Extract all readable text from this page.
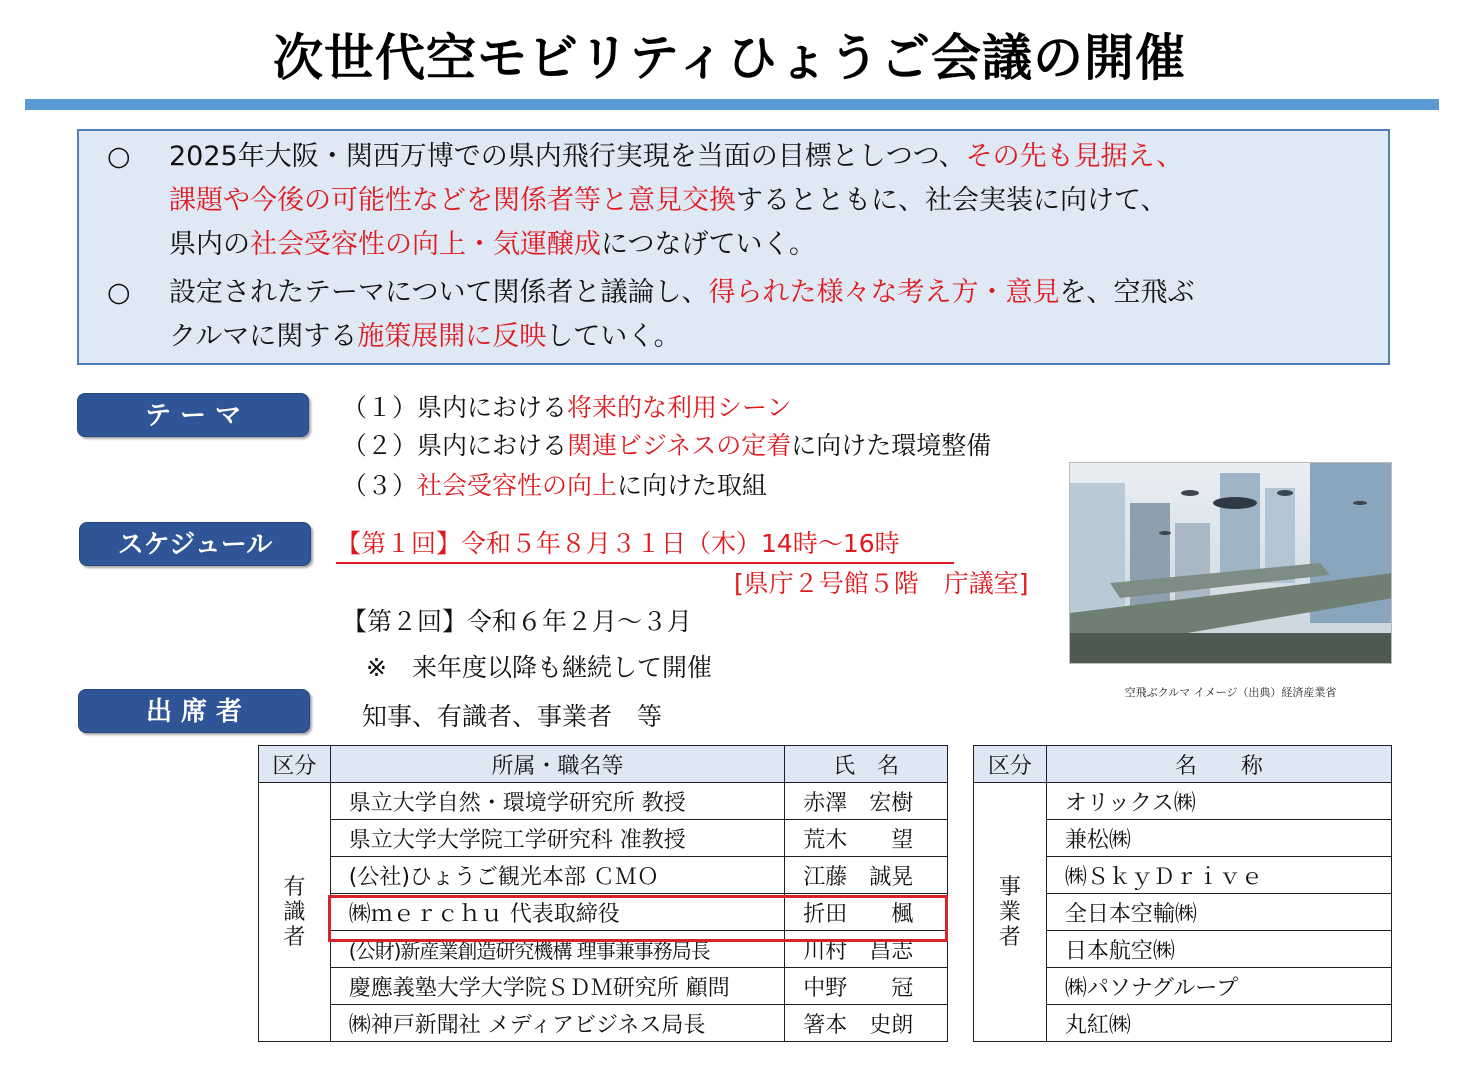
次世代空モビリティひょうご会議の開催
○ 2025年大阪・関西万博での県内飛行実現を当面の目標としつつ、その先も見据え、
課題や今後の可能性などを関係者等と意見交換するとともに、社会実装に向けて、
県内の社会受容性の向上・気運醸成につなげていく。
○ 設定されたテーマについて関係者と議論し、得られた様々な考え方・意見を、空飛ぶ
クルマに関する施策展開に反映していく。
テ ー マ	（１）県内における将来的な利用シーン
（２）県内における関連ビジネスの定着に向けた環境整備
（３）社会受容性の向上に向けた取組
スケジュール	【第１回】令和５年８月３１日（木）14時～16時
[県庁２号館５階　庁議室]
【第２回】令和６年２月～３月
※　来年度以降も継続して開催
出 席 者	知事、有識者、事業者　等
空飛ぶクルマ イメージ（出典）経済産業省
区分	所属・職名等	氏　名

有
識
者	県立大学自然・環境学研究所 教授	赤澤　宏樹
	県立大学大学院工学研究科 准教授	荒木　　望
	(公社)ひょうご観光本部 ＣＭＯ	江藤　誠晃
	㈱ｍｅｒｃｈｕ 代表取締役	折田　　楓
	(公財)新産業創造研究機構 理事兼事務局長	川村　昌志
	慶應義塾大学大学院ＳＤＭ研究所 顧問	中野　　冠
	㈱神戸新聞社 メディアビジネス局長	箸本　史朗
区分	名　　称

事
業
者	オリックス㈱
	兼松㈱
	㈱ＳｋｙＤｒｉｖｅ
	全日本空輸㈱
	日本航空㈱
	㈱パソナグループ
	丸紅㈱
